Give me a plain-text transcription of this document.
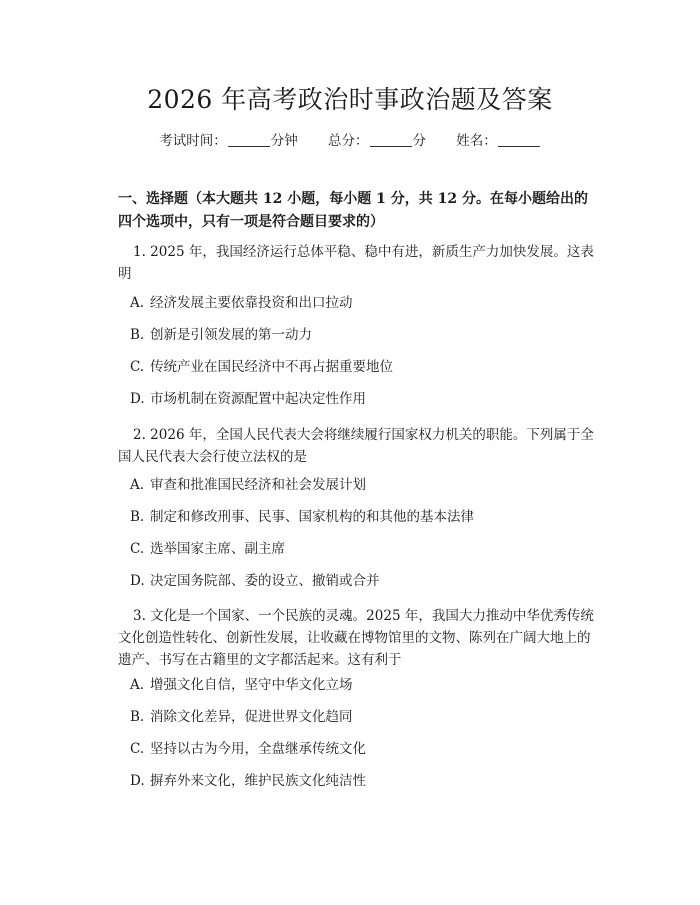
2026 年高考政治时事政治题及答案
考试时间：	分钟 总分：	分 姓名：

一、选择题（本大题共 12 小题，每小题 1 分，共 12 分。在每小题给出的四个选项中，只有一项是符合题目要求的）

1. 2025 年，我国经济运行总体平稳、稳中有进，新质生产力加快发展。这表明

A. 经济发展主要依靠投资和出口拉动
B. 创新是引领发展的第一动力
C. 传统产业在国民经济中不再占据重要地位
D. 市场机制在资源配置中起决定性作用

2. 2026 年，全国人民代表大会将继续履行国家权力机关的职能。下列属于全国人民代表大会行使立法权的是

A. 审查和批准国民经济和社会发展计划
B. 制定和修改刑事、民事、国家机构的和其他的基本法律
C. 选举国家主席、副主席
D. 决定国务院部、委的设立、撤销或合并

3. 文化是一个国家、一个民族的灵魂。2025 年，我国大力推动中华优秀传统文化创造性转化、创新性发展，让收藏在博物馆里的文物、陈列在广阔大地上的遗产、书写在古籍里的文字都活起来。这有利于

A. 增强文化自信，坚守中华文化立场
B. 消除文化差异，促进世界文化趋同
C. 坚持以古为今用，全盘继承传统文化
D. 摒弃外来文化，维护民族文化纯洁性
